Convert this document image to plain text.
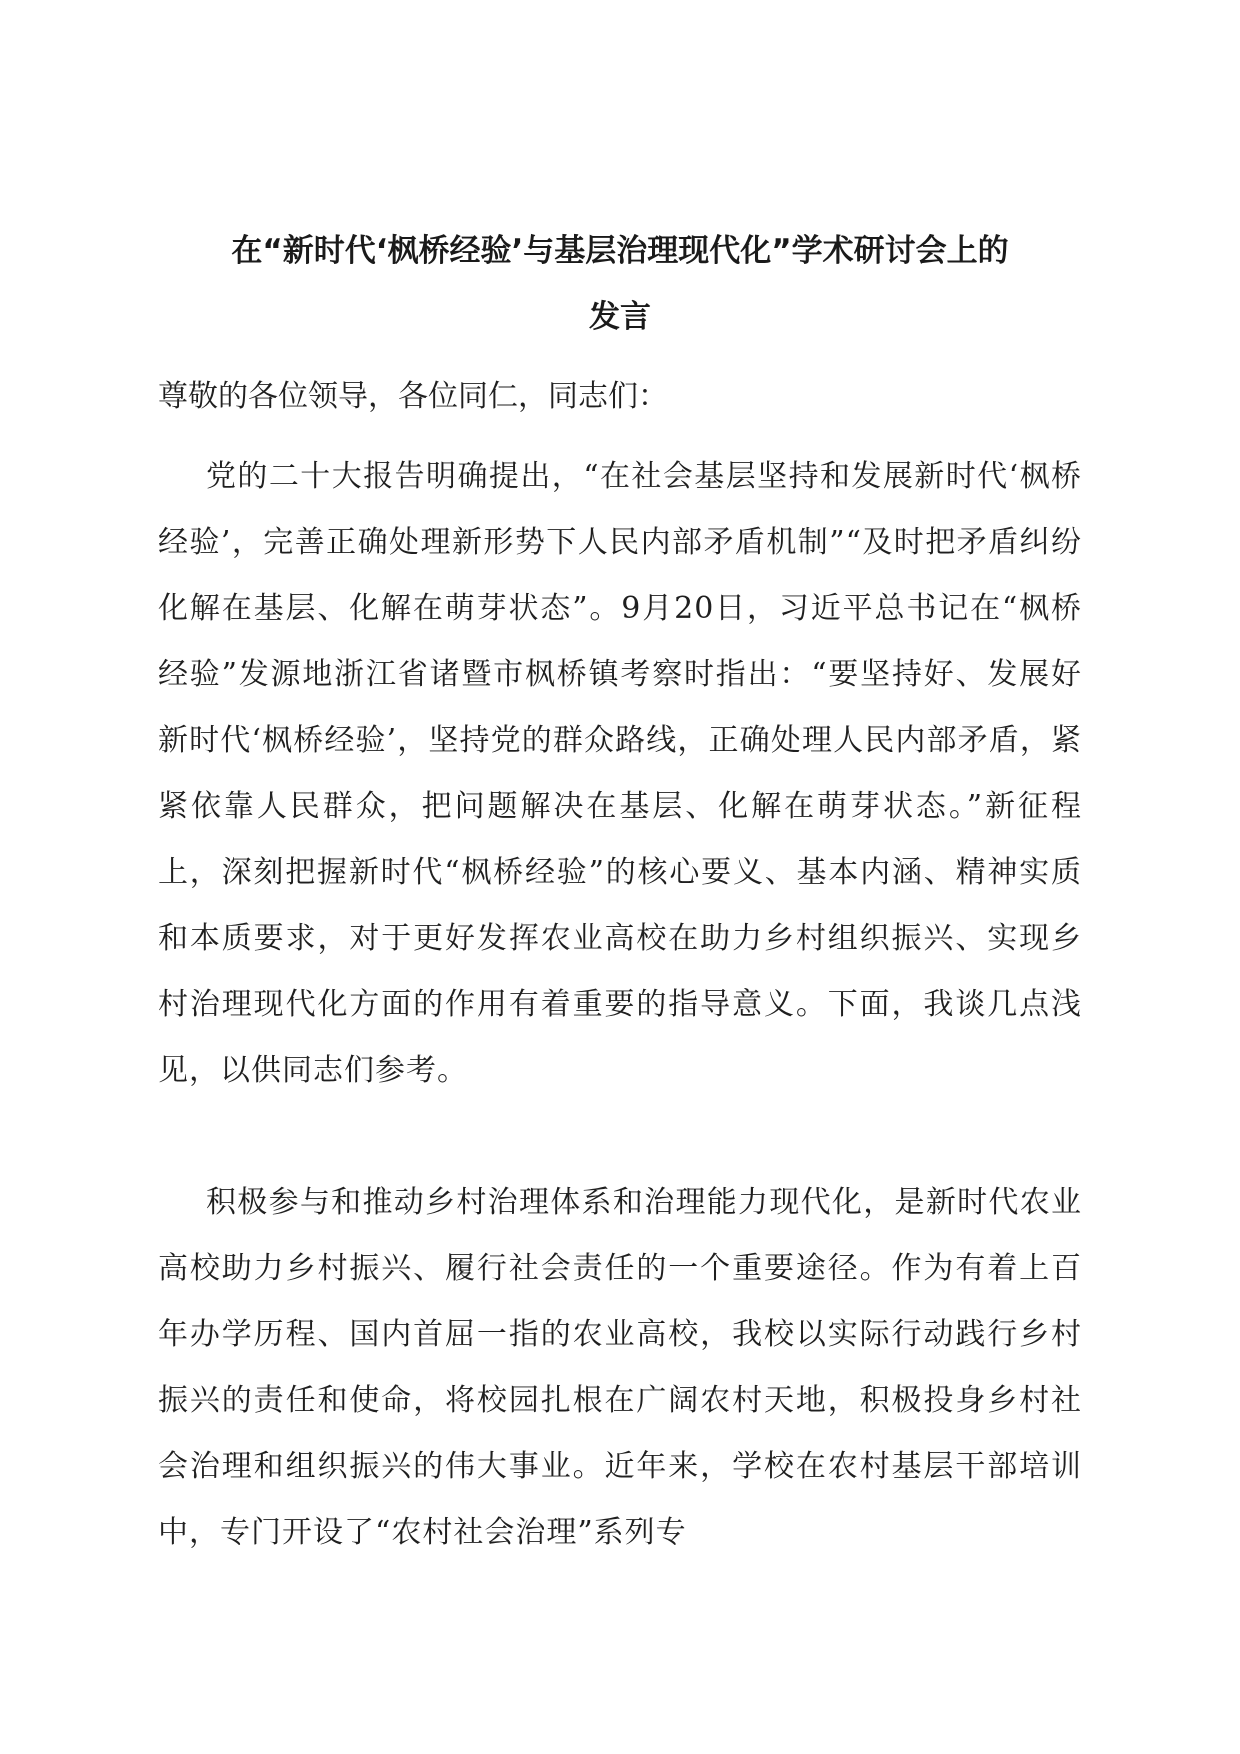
在“新时代‘枫桥经验’与基层治理现代化”学术研讨会上的
发言

尊敬的各位领导，各位同仁，同志们：

党的二十大报告明确提出，“在社会基层坚持和发展新时代‘枫桥经验’，完善正确处理新形势下人民内部矛盾机制”“及时把矛盾纠纷化解在基层、化解在萌芽状态”。9月20日，习近平总书记在“枫桥经验”发源地浙江省诸暨市枫桥镇考察时指出：“要坚持好、发展好新时代‘枫桥经验’，坚持党的群众路线，正确处理人民内部矛盾，紧紧依靠人民群众，把问题解决在基层、化解在萌芽状态。”新征程上，深刻把握新时代“枫桥经验”的核心要义、基本内涵、精神实质和本质要求，对于更好发挥农业高校在助力乡村组织振兴、实现乡村治理现代化方面的作用有着重要的指导意义。下面，我谈几点浅见，以供同志们参考。

积极参与和推动乡村治理体系和治理能力现代化，是新时代农业高校助力乡村振兴、履行社会责任的一个重要途径。作为有着上百年办学历程、国内首屈一指的农业高校，我校以实际行动践行乡村振兴的责任和使命，将校园扎根在广阔农村天地，积极投身乡村社会治理和组织振兴的伟大事业。近年来，学校在农村基层干部培训中，专门开设了“农村社会治理”系列专
